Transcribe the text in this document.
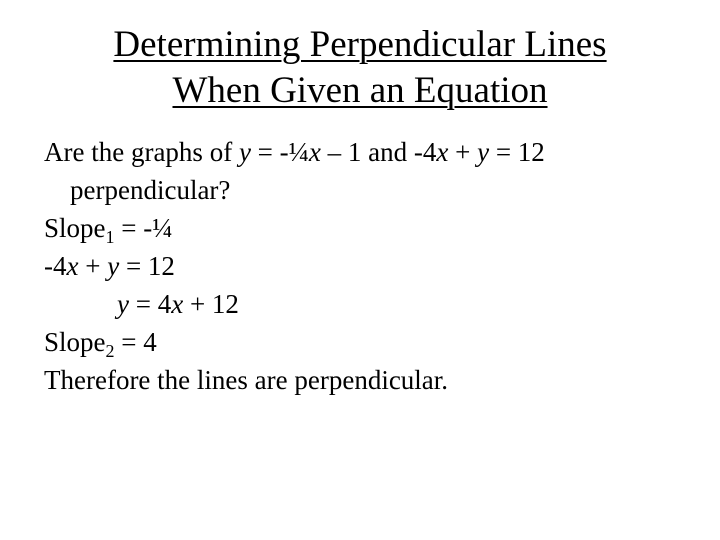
Determining Perpendicular Lines
When Given an Equation
Are the graphs of y = -¼x – 1 and -4x + y = 12
perpendicular?
Slope$_1$ = -¼
-4x + y = 12
y = 4x + 12
Slope$_2$ = 4
Therefore the lines are perpendicular.
